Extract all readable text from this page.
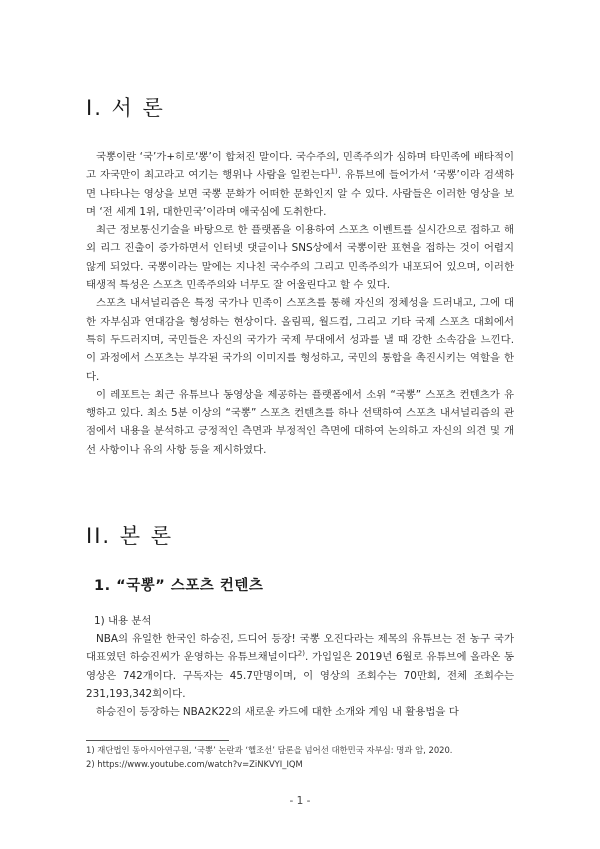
I. 서 론

국뽕이란 ‘국’가+히로‘뽕’이 합쳐진 말이다. 국수주의, 민족주의가 심하며 타민족에 배타적이고 자국만이 최고라고 여기는 행위나 사람을 일컫는다$^{1)}$. 유튜브에 들어가서 ‘국뽕’이라 검색하면 나타나는 영상을 보면 국뽕 문화가 어떠한 문화인지 알 수 있다. 사람들은 이러한 영상을 보며 ‘전 세계 1위, 대한민국’이라며 애국심에 도취한다.

최근 정보통신기술을 바탕으로 한 플랫폼을 이용하여 스포츠 이벤트를 실시간으로 접하고 해외 리그 진출이 증가하면서 인터넷 댓글이나 SNS상에서 국뽕이란 표현을 접하는 것이 어렵지 않게 되었다. 국뽕이라는 말에는 지나친 국수주의 그리고 민족주의가 내포되어 있으며, 이러한 태생적 특성은 스포츠 민족주의와 너무도 잘 어울린다고 할 수 있다.

스포츠 내셔널리즘은 특정 국가나 민족이 스포츠를 통해 자신의 정체성을 드러내고, 그에 대한 자부심과 연대감을 형성하는 현상이다. 올림픽, 월드컵, 그리고 기타 국제 스포츠 대회에서 특히 두드러지며, 국민들은 자신의 국가가 국제 무대에서 성과를 낼 때 강한 소속감을 느낀다. 이 과정에서 스포츠는 부각된 국가의 이미지를 형성하고, 국민의 통합을 촉진시키는 역할을 한다.

이 레포트는 최근 유튜브나 동영상을 제공하는 플랫폼에서 소위 “국뽕” 스포츠 컨텐츠가 유행하고 있다. 최소 5분 이상의 “국뽕” 스포츠 컨텐츠를 하나 선택하여 스포츠 내셔널리즘의 관점에서 내용을 분석하고 긍정적인 측면과 부정적인 측면에 대하여 논의하고 자신의 의견 및 개선 사항이나 유의 사항 등을 제시하였다.

II. 본 론
1. “국뽕” 스포츠 컨텐츠
1) 내용 분석

NBA의 유일한 한국인 하승진, 드디어 등장! 국뽕 오진다라는 제목의 유튜브는 전 농구 국가대표였던 하승진씨가 운영하는 유튜브채널이다$^{2)}$. 가입일은 2019년 6월로 유튜브에 올라온 동영상은 742개이다. 구독자는 45.7만명이며, 이 영상의 조회수는 70만회, 전체 조회수는 231,193,342회이다.

하승진이 등장하는 NBA2K22의 새로운 카드에 대한 소개와 게임 내 활용법을 다

1) 재단법인 동아시아연구원, ‘국뽕’ 논란과 ‘헬조선’ 담론을 넘어선 대한민국 자부심: 명과 암, 2020.
2) https://www.youtube.com/watch?v=ZiNKVYI_IQM
- 1 -
